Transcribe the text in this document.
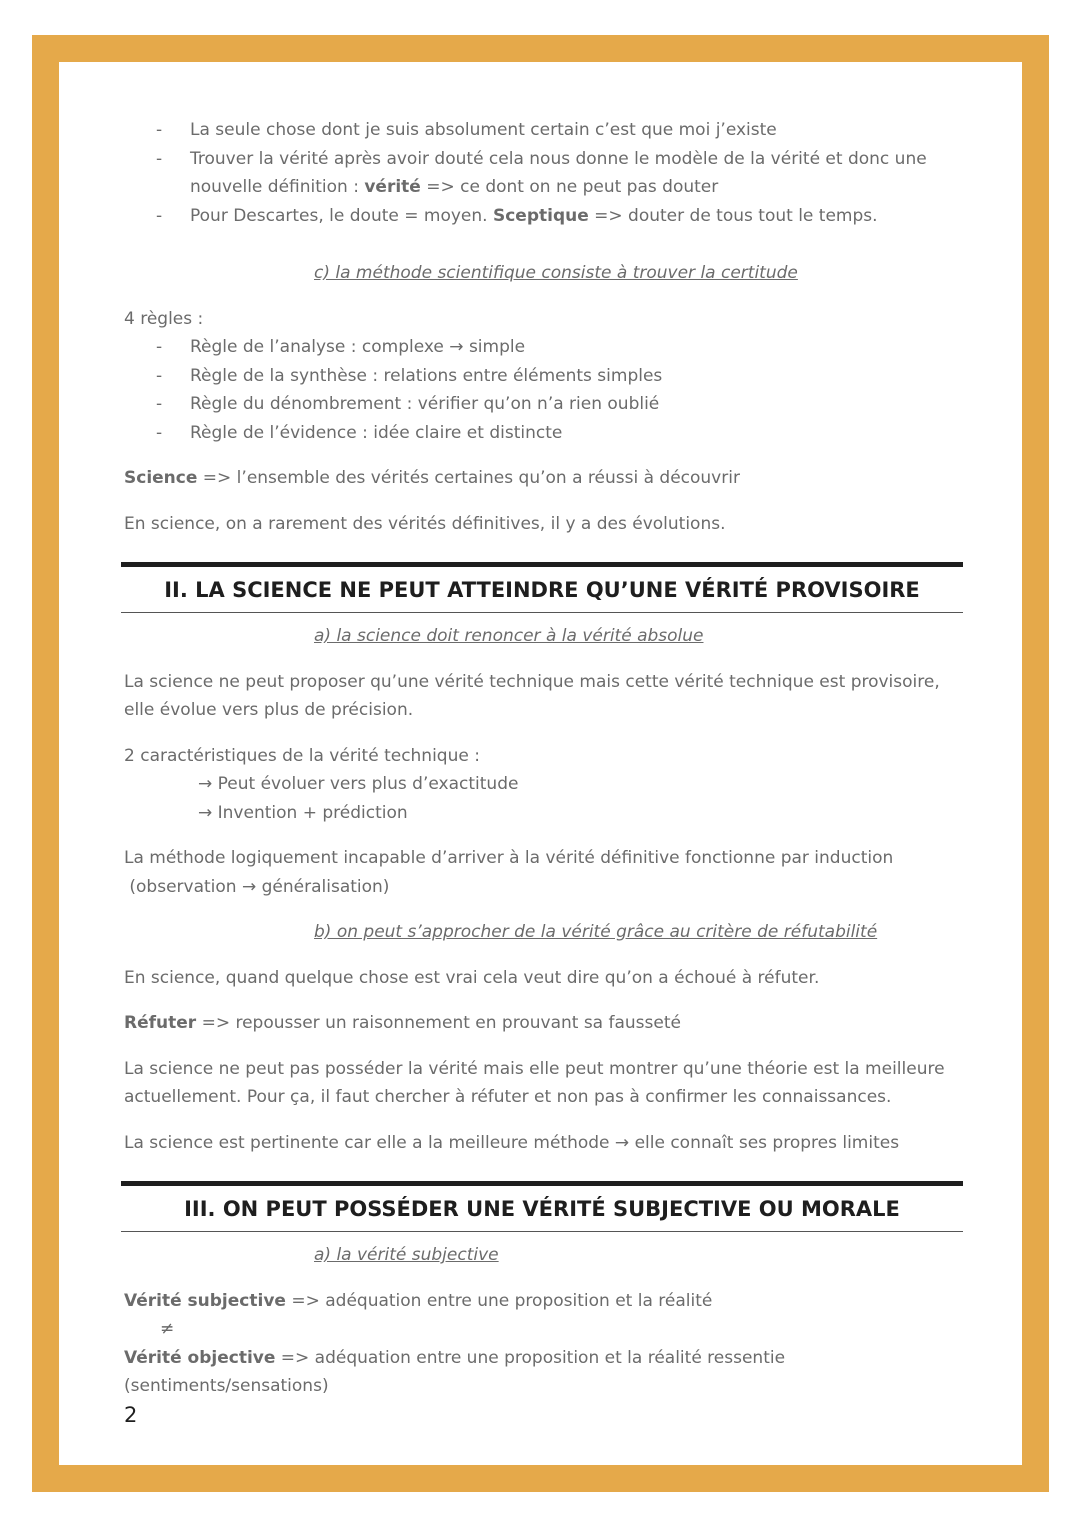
- La seule chose dont je suis absolument certain c’est que moi j’existe
- Trouver la vérité après avoir douté cela nous donne le modèle de la vérité et donc une nouvelle définition : vérité => ce dont on ne peut pas douter
- Pour Descartes, le doute = moyen. Sceptique => douter de tous tout le temps.

c) la méthode scientifique consiste à trouver la certitude

4 règles :

- Règle de l’analyse : complexe → simple
- Règle de la synthèse : relations entre éléments simples
- Règle du dénombrement : vérifier qu’on n’a rien oublié
- Règle de l’évidence : idée claire et distincte

Science => l’ensemble des vérités certaines qu’on a réussi à découvrir

En science, on a rarement des vérités définitives, il y a des évolutions.

II. LA SCIENCE NE PEUT ATTEINDRE QU’UNE VÉRITÉ PROVISOIRE

a) la science doit renoncer à la vérité absolue

La science ne peut proposer qu’une vérité technique mais cette vérité technique est provisoire, elle évolue vers plus de précision.

2 caractéristiques de la vérité technique :

→ Peut évoluer vers plus d’exactitude

→ Invention + prédiction

La méthode logiquement incapable d’arriver à la vérité définitive fonctionne par induction

(observation → généralisation)

b) on peut s’approcher de la vérité grâce au critère de réfutabilité

En science, quand quelque chose est vrai cela veut dire qu’on a échoué à réfuter.

Réfuter => repousser un raisonnement en prouvant sa fausseté

La science ne peut pas posséder la vérité mais elle peut montrer qu’une théorie est la meilleure actuellement. Pour ça, il faut chercher à réfuter et non pas à confirmer les connaissances.

La science est pertinente car elle a la meilleure méthode → elle connaît ses propres limites

III. ON PEUT POSSÉDER UNE VÉRITÉ SUBJECTIVE OU MORALE

a) la vérité subjective

Vérité subjective => adéquation entre une proposition et la réalité

≠

Vérité objective => adéquation entre une proposition et la réalité ressentie (sentiments/sensations)

2
